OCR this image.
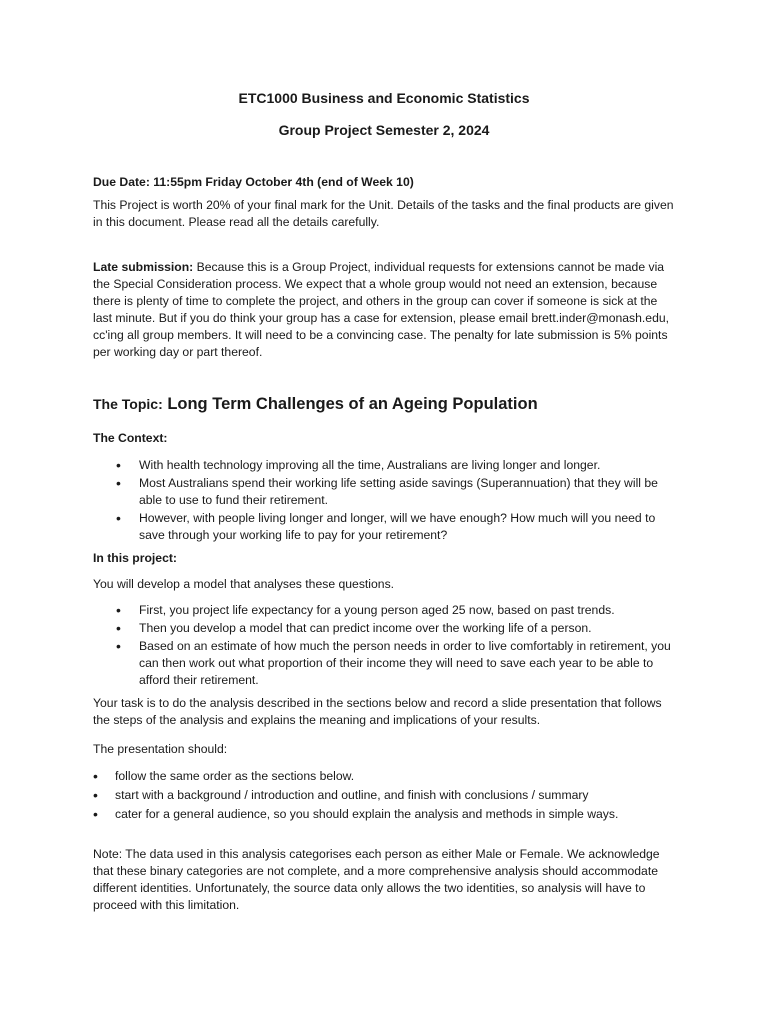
ETC1000 Business and Economic Statistics

Group Project Semester 2, 2024

Due Date: 11:55pm Friday October 4th (end of Week 10)

This Project is worth 20% of your final mark for the Unit. Details of the tasks and the final products are given in this document. Please read all the details carefully.

Late submission: Because this is a Group Project, individual requests for extensions cannot be made via the Special Consideration process. We expect that a whole group would not need an extension, because there is plenty of time to complete the project, and others in the group can cover if someone is sick at the last minute. But if you do think your group has a case for extension, please email brett.inder@monash.edu, cc'ing all group members. It will need to be a convincing case. The penalty for late submission is 5% points per working day or part thereof.

The Topic: Long Term Challenges of an Ageing Population

The Context:

• With health technology improving all the time, Australians are living longer and longer.
• Most Australians spend their working life setting aside savings (Superannuation) that they will be able to use to fund their retirement.
• However, with people living longer and longer, will we have enough? How much will you need to save through your working life to pay for your retirement?

In this project:

You will develop a model that analyses these questions.

• First, you project life expectancy for a young person aged 25 now, based on past trends.
• Then you develop a model that can predict income over the working life of a person.
• Based on an estimate of how much the person needs in order to live comfortably in retirement, you can then work out what proportion of their income they will need to save each year to be able to afford their retirement.

Your task is to do the analysis described in the sections below and record a slide presentation that follows the steps of the analysis and explains the meaning and implications of your results.

The presentation should:

• follow the same order as the sections below.
• start with a background / introduction and outline, and finish with conclusions / summary
• cater for a general audience, so you should explain the analysis and methods in simple ways.

Note: The data used in this analysis categorises each person as either Male or Female. We acknowledge that these binary categories are not complete, and a more comprehensive analysis should accommodate different identities. Unfortunately, the source data only allows the two identities, so analysis will have to proceed with this limitation.
